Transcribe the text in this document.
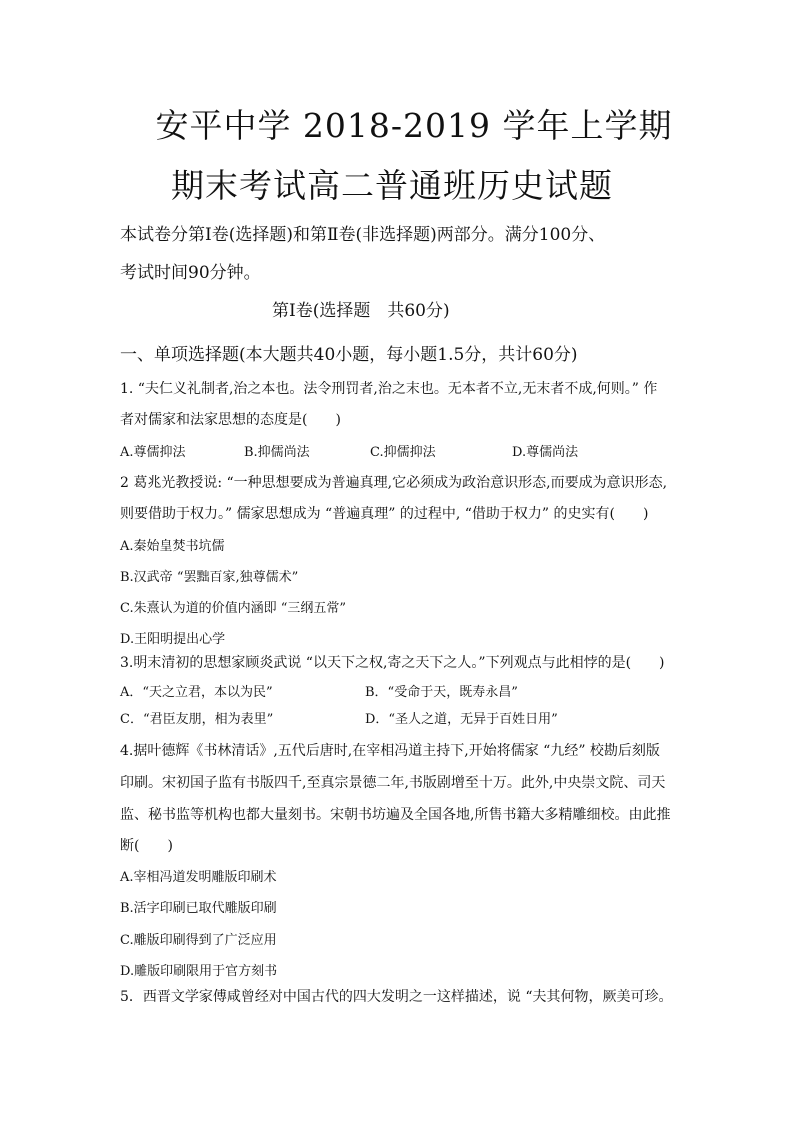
安平中学 2018-2019 学年上学期
期末考试高二普通班历史试题
本试卷分第Ⅰ卷(选择题)和第Ⅱ卷(非选择题)两部分。满分100分、
考试时间90分钟。
第Ⅰ卷(选择题　共60分)
一、单项选择题(本大题共40小题，每小题1.5分，共计60分)
1. “夫仁义礼制者,治之本也。法令刑罚者,治之末也。无本者不立,无末者不成,何则。” 作
者对儒家和法家思想的态度是(　　)
A.尊儒抑法	B.抑儒尚法	C.抑儒抑法	D.尊儒尚法
2 葛兆光教授说: “一种思想要成为普遍真理,它必须成为政治意识形态,而要成为意识形态,
则要借助于权力。” 儒家思想成为 “普遍真理” 的过程中, “借助于权力” 的史实有(　　)
A.秦始皇焚书坑儒
B.汉武帝 “罢黜百家,独尊儒术”
C.朱熹认为道的价值内涵即 “三纲五常”
D.王阳明提出心学
3.明末清初的思想家顾炎武说 “以天下之权,寄之天下之人。”下列观点与此相悖的是(　　)
A．“天之立君，本以为民”	B．“受命于天，既寿永昌”
C．“君臣友朋，相为表里”	D．“圣人之道，无异于百姓日用”
4.据叶德辉《书林清话》,五代后唐时,在宰相冯道主持下,开始将儒家 “九经” 校勘后刻版
印刷。宋初国子监有书版四千,至真宗景德二年,书版剧增至十万。此外,中央崇文院、司天
监、秘书监等机构也都大量刻书。宋朝书坊遍及全国各地,所售书籍大多精雕细校。由此推
断(　　)
A.宰相冯道发明雕版印刷术
B.活字印刷已取代雕版印刷
C.雕版印刷得到了广泛应用
D.雕版印刷限用于官方刻书
5．西晋文学家傅咸曾经对中国古代的四大发明之一这样描述，说 “夫其何物，厥美可珍。
